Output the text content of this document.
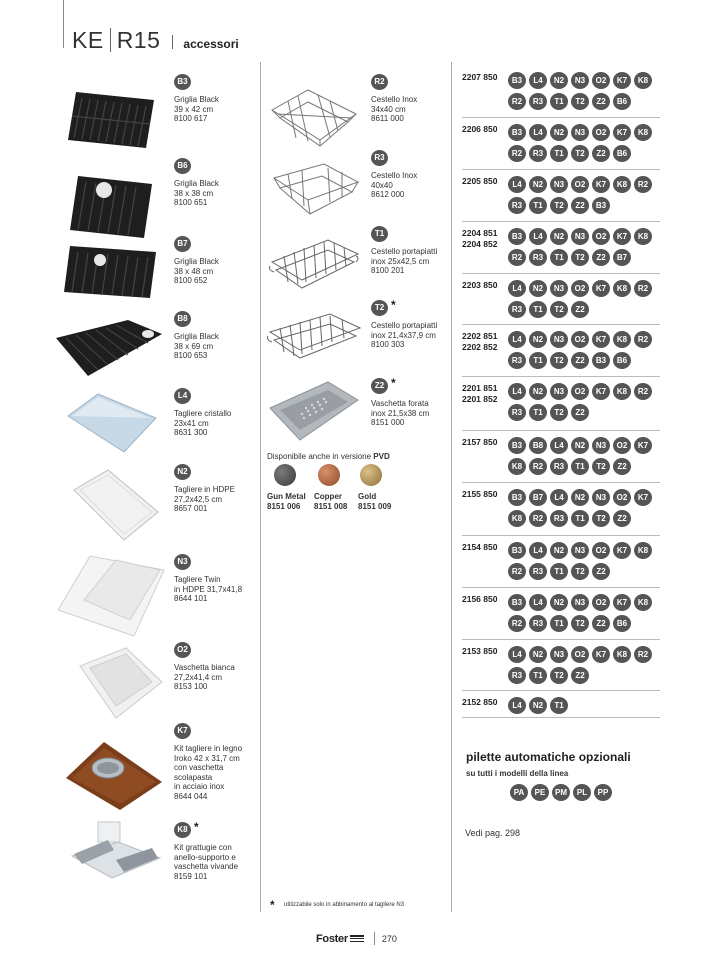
KE R15 accessori
B3
Griglia Black
39 x 42 cm
8100 617
B6
Griglia Black
38 x 38 cm
8100 651
B7
Griglia Black
38 x 48 cm
8100 652
B8
Griglia Black
38 x 69 cm
8100 653
L4
Tagliere cristallo
23x41 cm
8631 300
N2
Tagliere in HDPE
27,2x42,5 cm
8657 001
N3
Tagliere Twin
in HDPE 31,7x41,8
8644 101
O2
Vaschetta bianca
27,2x41,4 cm
8153 100
K7
Kit tagliere in legno
Iroko 42 x 31,7 cm
con vaschetta
scolapasta
in acciaio inox
8644 044
K8 *
Kit grattugie con
anello-supporto e
vaschetta vivande
8159 101
R2
Cestello Inox
34x40 cm
8611 000
R3
Cestello Inox
40x40
8612 000
T1
Cestello portapiatti
inox 25x42,5 cm
8100 201
T2 *
Cestello portapiatti
inox 21,4x37,9 cm
8100 303
Z2 *
Vaschetta forata
inox 21,5x38 cm
8151 000
Disponibile anche in versione PVD
Gun Metal
8151 006
Copper
8151 008
Gold
8151 009
2207 850	B3	L4	N2	N3	O2	K7	K8
R2	R3	T1	T2	Z2	B6
2206 850	B3	L4	N2	N3	O2	K7	K8
R2	R3	T1	T2	Z2	B6
2205 850	L4	N2	N3	O2	K7	K8	R2
R3	T1	T2	Z2	B3
2204 851
2204 852
B3	L4	N2	N3	O2	K7	K8
R2	R3	T1	T2	Z2	B7
2203 850	L4	N2	N3	O2	K7	K8	R2
R3	T1	T2	Z2
2202 851
2202 852
L4	N2	N3	O2	K7	K8	R2
R3	T1	T2	Z2	B3	B6
2201 851
2201 852
L4	N2	N3	O2	K7	K8	R2
R3	T1	T2	Z2
2157 850	B3	B8	L4	N2	N3	O2	K7
K8	R2	R3	T1	T2	Z2
2155 850	B3	B7	L4	N2	N3	O2	K7
K8	R2	R3	T1	T2	Z2
2154 850	B3	L4	N2	N3	O2	K7	K8
R2	R3	T1	T2	Z2
2156 850	B3	L4	N2	N3	O2	K7	K8
R2	R3	T1	T2	Z2	B6
2153 850	L4	N2	N3	O2	K7	K8	R2
R3	T1	T2	Z2
2152 850	L4	N2	T1
pilette automatiche opzionali
su tutti i modelli della linea
PA	PE	PM	PL	PP
Vedi pag. 298
* utilizzabile solo in abbinamento al tagliere N3
Foster	270
